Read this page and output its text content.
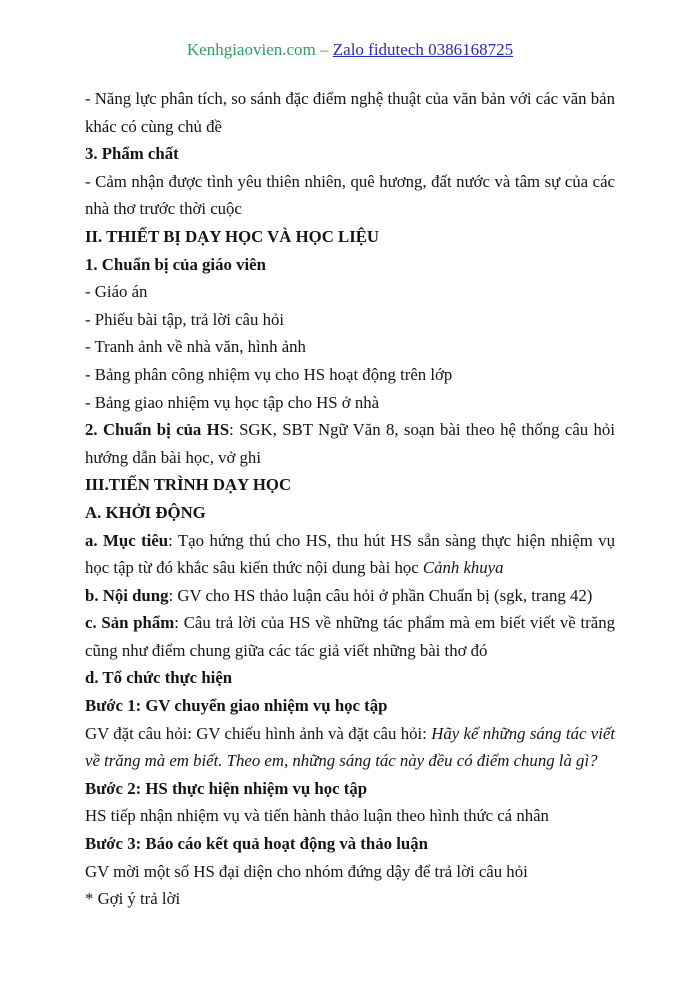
Kenhgiaovien.com – Zalo fidutech 0386168725

- Năng lực phân tích, so sánh đặc điểm nghệ thuật của văn bản với các văn bản khác có cùng chủ đề

3. Phẩm chất

- Cảm nhận được tình yêu thiên nhiên, quê hương, đất nước và tâm sự của các nhà thơ trước thời cuộc

II. THIẾT BỊ DẠY HỌC VÀ HỌC LIỆU

1. Chuẩn bị của giáo viên

- Giáo án

- Phiếu bài tập, trả lời câu hỏi

- Tranh ảnh về nhà văn, hình ảnh

- Bảng phân công nhiệm vụ cho HS hoạt động trên lớp

- Bảng giao nhiệm vụ học tập cho HS ở nhà

2. Chuẩn bị của HS: SGK, SBT Ngữ Văn 8, soạn bài theo hệ thống câu hỏi hướng dẫn bài học, vở ghi

III.TIẾN TRÌNH DẠY HỌC

A. KHỞI ĐỘNG

a. Mục tiêu: Tạo hứng thú cho HS, thu hút HS sẵn sàng thực hiện nhiệm vụ học tập từ đó khắc sâu kiến thức nội dung bài học Cảnh khuya

b. Nội dung: GV cho HS thảo luận câu hỏi ở phần Chuẩn bị (sgk, trang 42)

c. Sản phẩm: Câu trả lời của HS về những tác phẩm mà em biết viết về trăng cũng như điểm chung giữa các tác giả viết những bài thơ đó

d. Tổ chức thực hiện

Bước 1: GV chuyển giao nhiệm vụ học tập

GV đặt câu hỏi: GV chiếu hình ảnh và đặt câu hỏi: Hãy kể những sáng tác viết về trăng mà em biết. Theo em, những sáng tác này đều có điểm chung là gì?

Bước 2: HS thực hiện nhiệm vụ học tập

HS tiếp nhận nhiệm vụ và tiến hành thảo luận theo hình thức cá nhân

Bước 3: Báo cáo kết quả hoạt động và thảo luận

GV mời một số HS đại diện cho nhóm đứng dậy để trả lời câu hỏi

* Gợi ý trả lời
